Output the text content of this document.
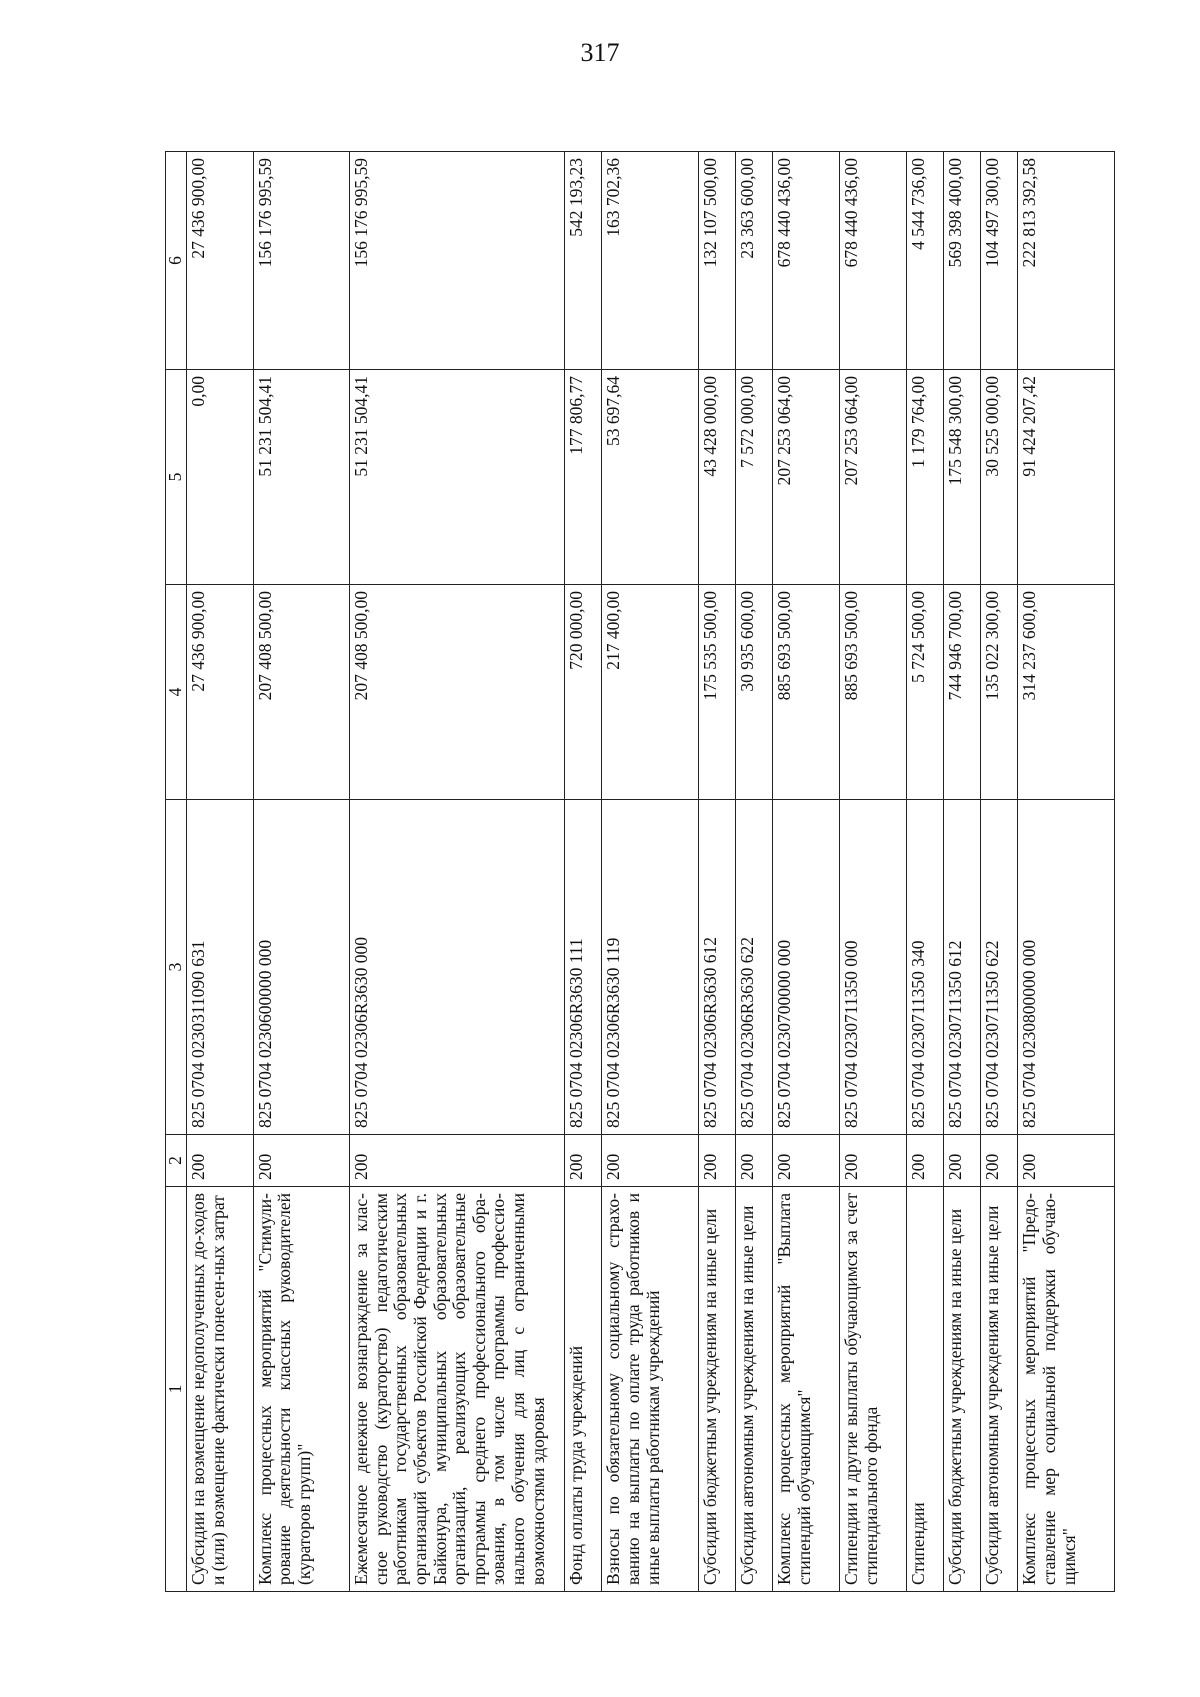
317
1	2	3	4	5	6
Субсидии на возмещение недополученных до-ходов и (или) возмещение фактически понесен-ных затрат	200	825 0704 0230311090 631	27 436 900,00	0,00	27 436 900,00
Комплекс процессных мероприятий "Стимули-рование деятельности классных руководителей (кураторов групп)"	200	825 0704 0230600000 000	207 408 500,00	51 231 504,41	156 176 995,59
Ежемесячное денежное вознаграждение за клас-сное руководство (кураторство) педагогическим работникам государственных образовательных организаций субъектов Российской Федерации и г. Байконура, муниципальных образовательных организаций, реализующих образовательные программы среднего профессионального обра-зования, в том числе программы профессио-нального обучения для лиц с ограниченными возможностями здоровья	200	825 0704 02306R3630 000	207 408 500,00	51 231 504,41	156 176 995,59
Фонд оплаты труда учреждений	200	825 0704 02306R3630 111	720 000,00	177 806,77	542 193,23
Взносы по обязательному социальному страхо-ванию на выплаты по оплате труда работников и иные выплаты работникам учреждений	200	825 0704 02306R3630 119	217 400,00	53 697,64	163 702,36
Субсидии бюджетным учреждениям на иные цели	200	825 0704 02306R3630 612	175 535 500,00	43 428 000,00	132 107 500,00
Субсидии автономным учреждениям на иные цели	200	825 0704 02306R3630 622	30 935 600,00	7 572 000,00	23 363 600,00
Комплекс процессных мероприятий "Выплата стипендий обучающимся"	200	825 0704 0230700000 000	885 693 500,00	207 253 064,00	678 440 436,00
Стипендии и другие выплаты обучающимся за счет стипендиального фонда	200	825 0704 0230711350 000	885 693 500,00	207 253 064,00	678 440 436,00
Стипендии	200	825 0704 0230711350 340	5 724 500,00	1 179 764,00	4 544 736,00
Субсидии бюджетным учреждениям на иные цели	200	825 0704 0230711350 612	744 946 700,00	175 548 300,00	569 398 400,00
Субсидии автономным учреждениям на иные цели	200	825 0704 0230711350 622	135 022 300,00	30 525 000,00	104 497 300,00
Комплекс процессных мероприятий "Предо-ставление мер социальной поддержки обучаю-щимся"	200	825 0704 0230800000 000	314 237 600,00	91 424 207,42	222 813 392,58
